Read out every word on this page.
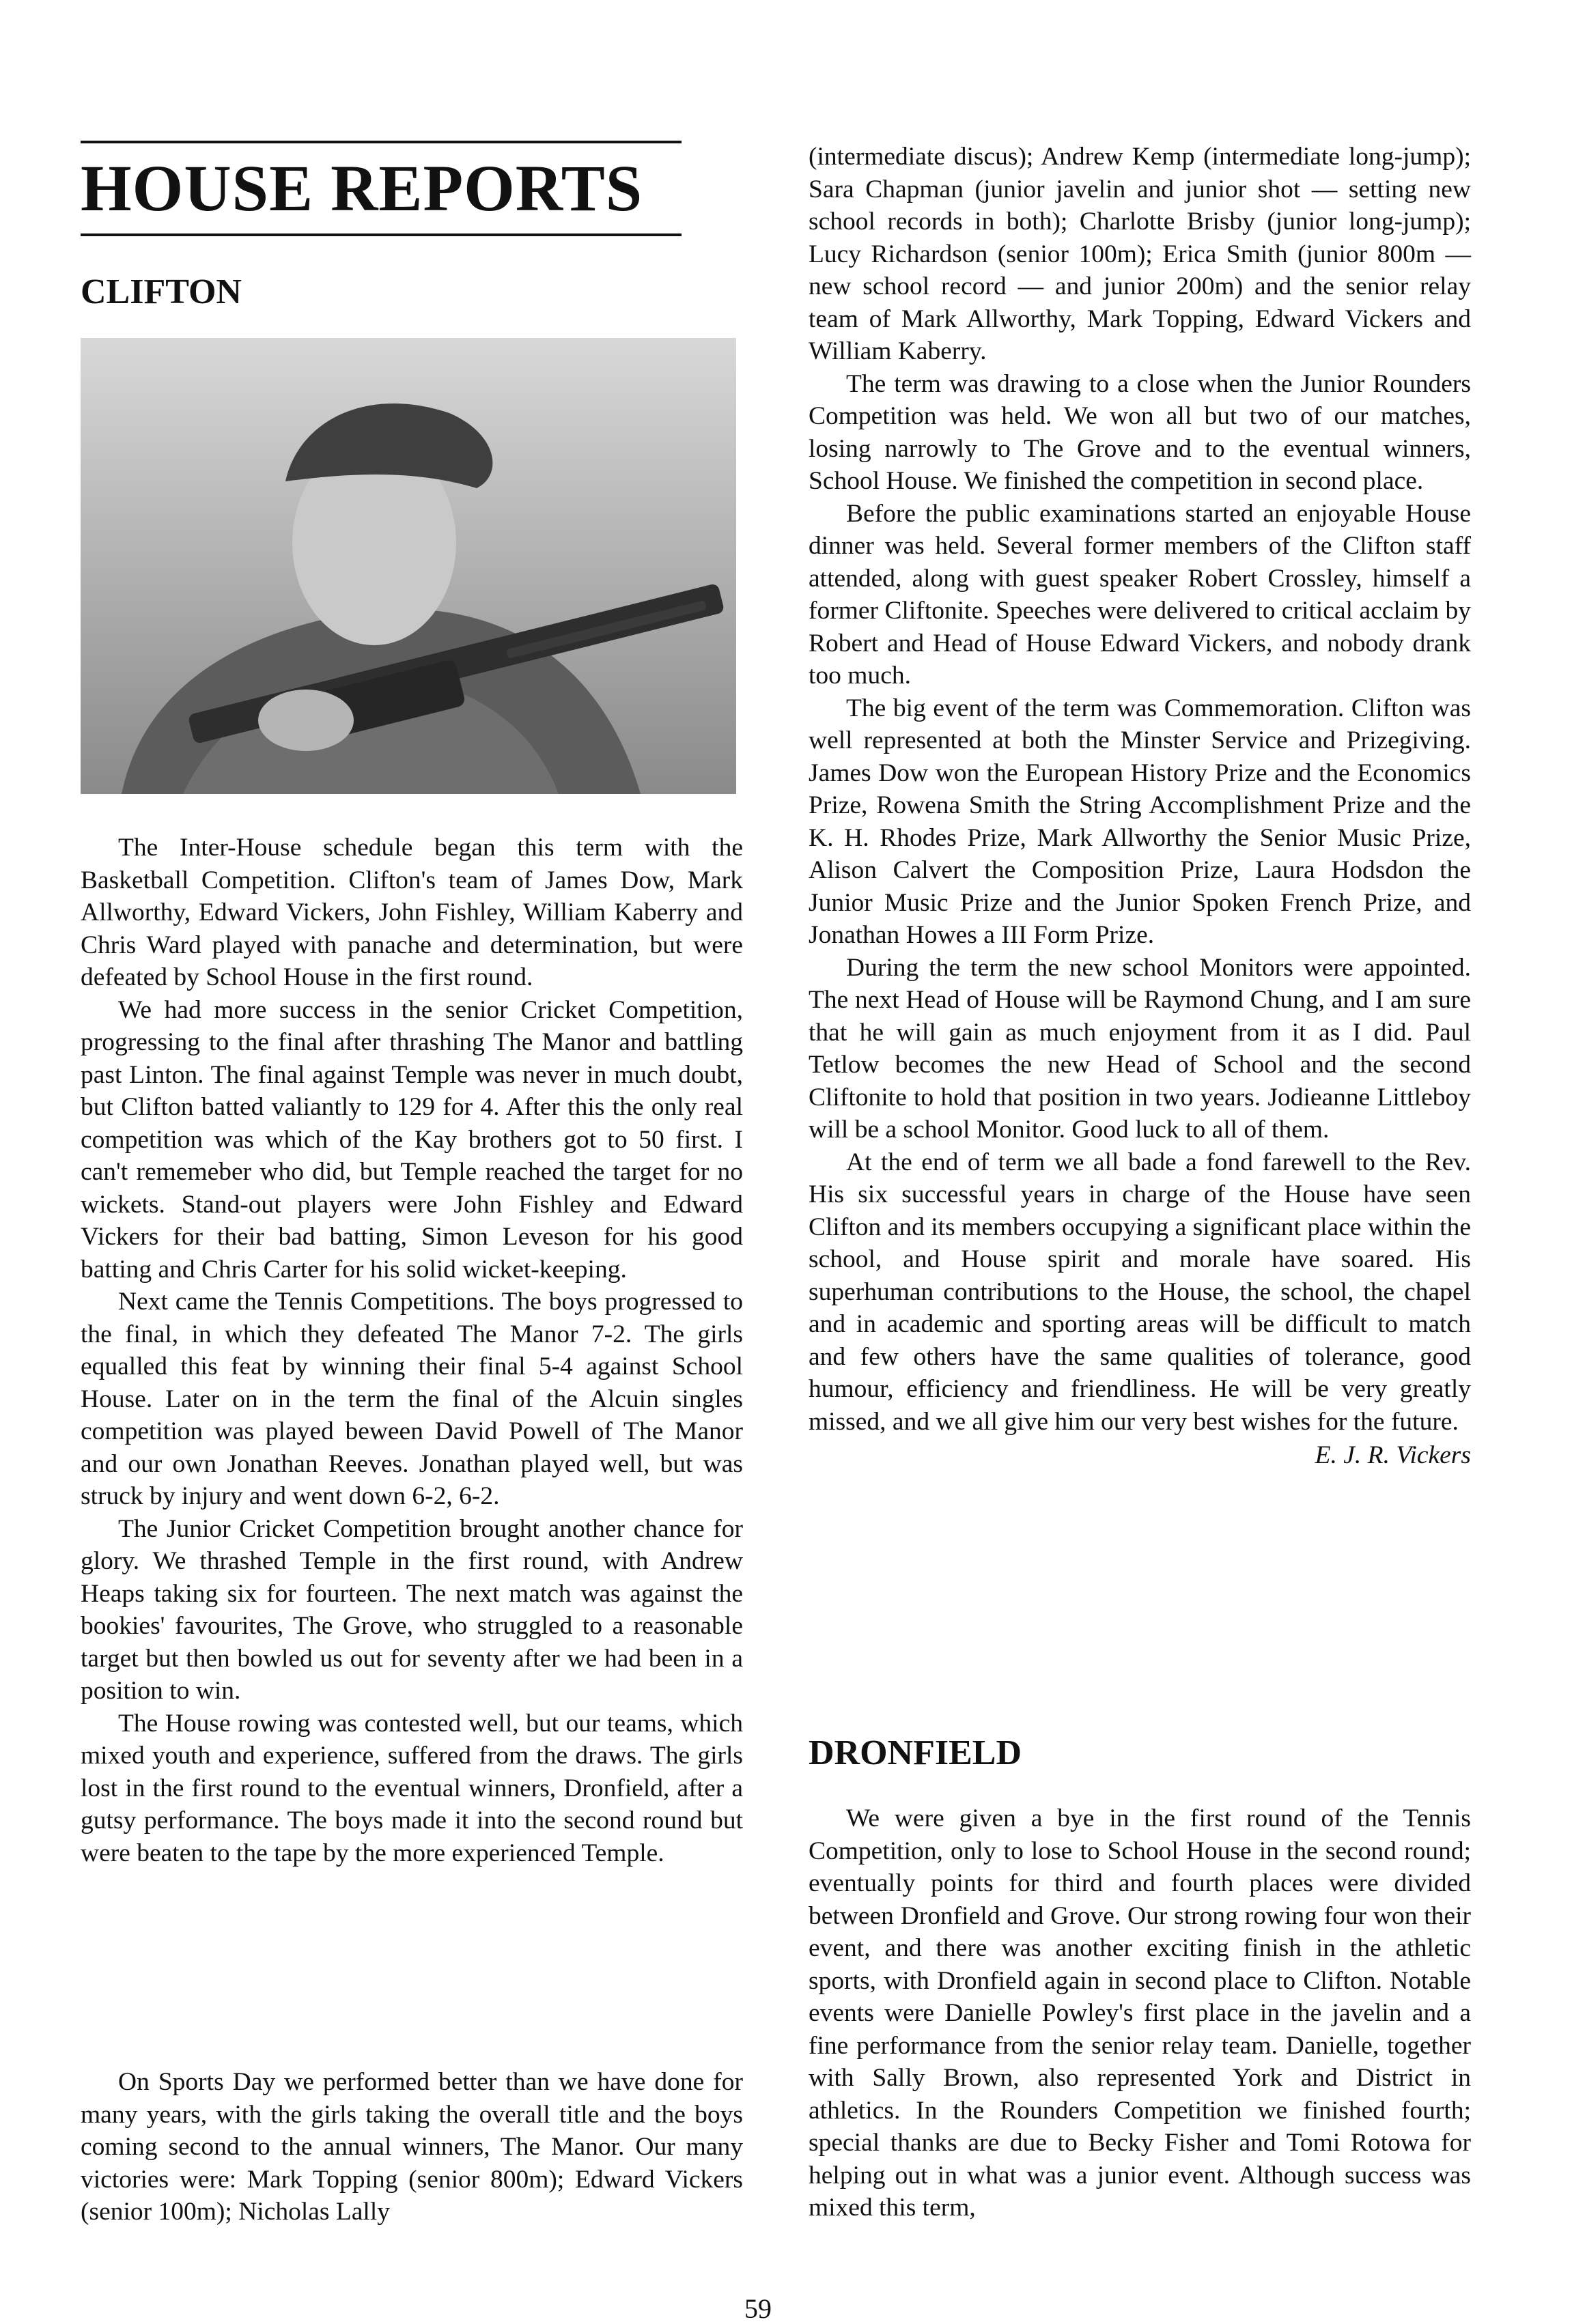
HOUSE REPORTS
CLIFTON

The Inter-House schedule began this term with the Basketball Competition. Clifton's team of James Dow, Mark Allworthy, Edward Vickers, John Fishley, William Kaberry and Chris Ward played with panache and determination, but were defeated by School House in the first round.

We had more success in the senior Cricket Competition, progressing to the final after thrashing The Manor and battling past Linton. The final against Temple was never in much doubt, but Clifton batted valiantly to 129 for 4. After this the only real competition was which of the Kay brothers got to 50 first. I can't rememeber who did, but Temple reached the target for no wickets. Stand-out players were John Fishley and Edward Vickers for their bad batting, Simon Leveson for his good batting and Chris Carter for his solid wicket-keeping.

Next came the Tennis Competitions. The boys progressed to the final, in which they defeated The Manor 7-2. The girls equalled this feat by winning their final 5-4 against School House. Later on in the term the final of the Alcuin singles competition was played beween David Powell of The Manor and our own Jonathan Reeves. Jonathan played well, but was struck by injury and went down 6-2, 6-2.

The Junior Cricket Competition brought another chance for glory. We thrashed Temple in the first round, with Andrew Heaps taking six for fourteen. The next match was against the bookies' favourites, The Grove, who struggled to a reasonable target but then bowled us out for seventy after we had been in a position to win.

The House rowing was contested well, but our teams, which mixed youth and experience, suffered from the draws. The girls lost in the first round to the eventual winners, Dronfield, after a gutsy performance. The boys made it into the second round but were beaten to the tape by the more experienced Temple.

On Sports Day we performed better than we have done for many years, with the girls taking the overall title and the boys coming second to the annual winners, The Manor. Our many victories were: Mark Topping (senior 800m); Edward Vickers (senior 100m); Nicholas Lally

(intermediate discus); Andrew Kemp (intermediate long-jump); Sara Chapman (junior javelin and junior shot — setting new school records in both); Charlotte Brisby (junior long-jump); Lucy Richardson (senior 100m); Erica Smith (junior 800m — new school record — and junior 200m) and the senior relay team of Mark Allworthy, Mark Topping, Edward Vickers and William Kaberry.

The term was drawing to a close when the Junior Rounders Competition was held. We won all but two of our matches, losing narrowly to The Grove and to the eventual winners, School House. We finished the competition in second place.

Before the public examinations started an enjoyable House dinner was held. Several former members of the Clifton staff attended, along with guest speaker Robert Crossley, himself a former Cliftonite. Speeches were delivered to critical acclaim by Robert and Head of House Edward Vickers, and nobody drank too much.

The big event of the term was Commemoration. Clifton was well represented at both the Minster Service and Prizegiving. James Dow won the European History Prize and the Economics Prize, Rowena Smith the String Accomplishment Prize and the K. H. Rhodes Prize, Mark Allworthy the Senior Music Prize, Alison Calvert the Composition Prize, Laura Hodsdon the Junior Music Prize and the Junior Spoken French Prize, and Jonathan Howes a III Form Prize.

During the term the new school Monitors were appointed. The next Head of House will be Raymond Chung, and I am sure that he will gain as much enjoyment from it as I did. Paul Tetlow becomes the new Head of School and the second Cliftonite to hold that position in two years. Jodieanne Littleboy will be a school Monitor. Good luck to all of them.

At the end of term we all bade a fond farewell to the Rev. His six successful years in charge of the House have seen Clifton and its members occupying a significant place within the school, and House spirit and morale have soared. His superhuman contributions to the House, the school, the chapel and in academic and sporting areas will be difficult to match and few others have the same qualities of tolerance, good humour, efficiency and friendliness. He will be very greatly missed, and we all give him our very best wishes for the future.

E. J. R. Vickers

DRONFIELD

We were given a bye in the first round of the Tennis Competition, only to lose to School House in the second round; eventually points for third and fourth places were divided between Dronfield and Grove. Our strong rowing four won their event, and there was another exciting finish in the athletic sports, with Dronfield again in second place to Clifton. Notable events were Danielle Powley's first place in the javelin and a fine performance from the senior relay team. Danielle, together with Sally Brown, also represented York and District in athletics. In the Rounders Competition we finished fourth; special thanks are due to Becky Fisher and Tomi Rotowa for helping out in what was a junior event. Although success was mixed this term,

59
